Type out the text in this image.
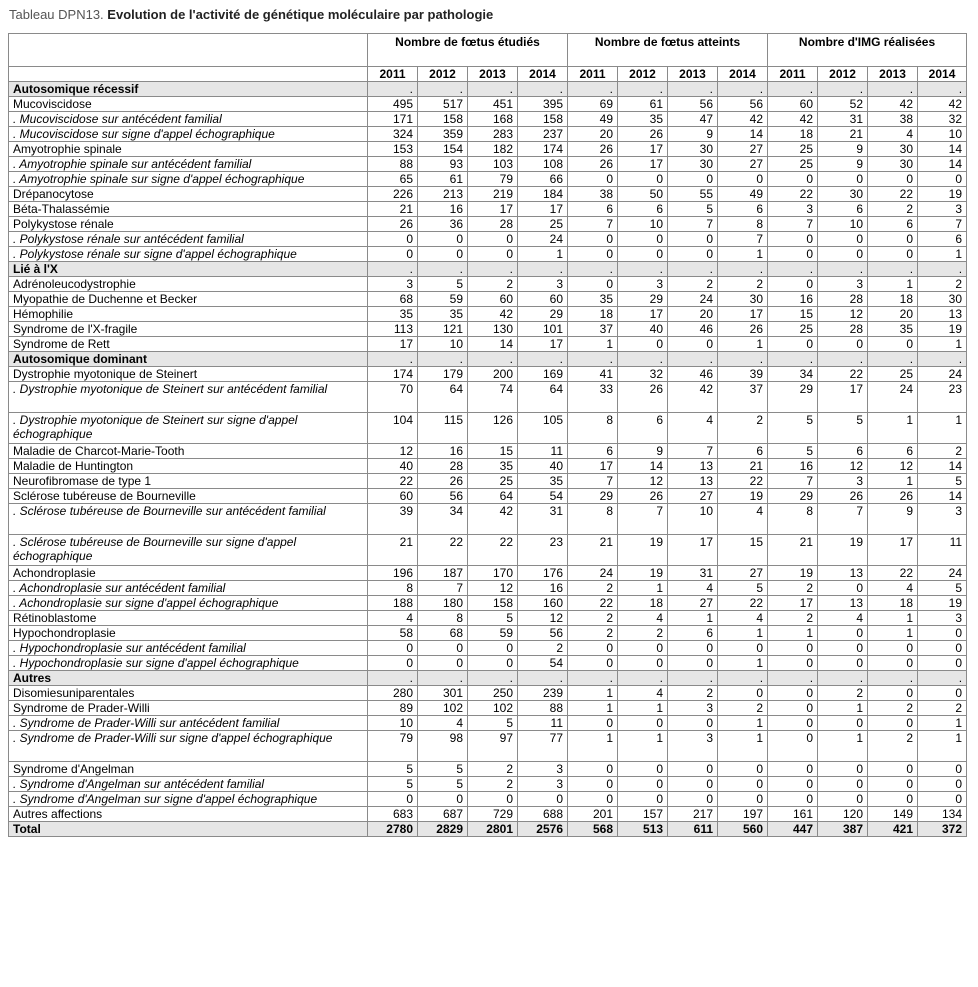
Tableau DPN13. Evolution de l'activité de génétique moléculaire par pathologie
	Nombre de fœtus étudiés				Nombre de fœtus atteints				Nombre d'IMG réalisées			
	2011	2012	2013	2014	2011	2012	2013	2014	2011	2012	2013	2014
Autosomique récessif	.	.	.	.	.	.	.	.	.	.	.	.
Mucoviscidose	495	517	451	395	69	61	56	56	60	52	42	42
. Mucoviscidose sur antécédent familial	171	158	168	158	49	35	47	42	42	31	38	32
. Mucoviscidose sur signe d'appel échographique	324	359	283	237	20	26	9	14	18	21	4	10
Amyotrophie spinale	153	154	182	174	26	17	30	27	25	9	30	14
. Amyotrophie spinale sur antécédent familial	88	93	103	108	26	17	30	27	25	9	30	14
. Amyotrophie spinale sur signe d'appel échographique	65	61	79	66	0	0	0	0	0	0	0	0
Drépanocytose	226	213	219	184	38	50	55	49	22	30	22	19
Béta-Thalassémie	21	16	17	17	6	6	5	6	3	6	2	3
Polykystose rénale	26	36	28	25	7	10	7	8	7	10	6	7
. Polykystose rénale sur antécédent familial	0	0	0	24	0	0	0	7	0	0	0	6
. Polykystose rénale sur signe d'appel échographique	0	0	0	1	0	0	0	1	0	0	0	1
Lié à l'X	.	.	.	.	.	.	.	.	.	.	.	.
Adrénoleucodystrophie	3	5	2	3	0	3	2	2	0	3	1	2
Myopathie de Duchenne et Becker	68	59	60	60	35	29	24	30	16	28	18	30
Hémophilie	35	35	42	29	18	17	20	17	15	12	20	13
Syndrome de l'X-fragile	113	121	130	101	37	40	46	26	25	28	35	19
Syndrome de Rett	17	10	14	17	1	0	0	1	0	0	0	1
Autosomique dominant	.	.	.	.	.	.	.	.	.	.	.	.
Dystrophie myotonique de Steinert	174	179	200	169	41	32	46	39	34	22	25	24
. Dystrophie myotonique de Steinert sur antécédent familial	70	64	74	64	33	26	42	37	29	17	24	23
. Dystrophie myotonique de Steinert sur signe d'appel échographique	104	115	126	105	8	6	4	2	5	5	1	1
Maladie de Charcot-Marie-Tooth	12	16	15	11	6	9	7	6	5	6	6	2
Maladie de Huntington	40	28	35	40	17	14	13	21	16	12	12	14
Neurofibromase de type 1	22	26	25	35	7	12	13	22	7	3	1	5
Sclérose tubéreuse de Bourneville	60	56	64	54	29	26	27	19	29	26	26	14
. Sclérose tubéreuse de Bourneville sur antécédent familial	39	34	42	31	8	7	10	4	8	7	9	3
. Sclérose tubéreuse de Bourneville sur signe d'appel échographique	21	22	22	23	21	19	17	15	21	19	17	11
Achondroplasie	196	187	170	176	24	19	31	27	19	13	22	24
. Achondroplasie sur antécédent familial	8	7	12	16	2	1	4	5	2	0	4	5
. Achondroplasie sur signe d'appel échographique	188	180	158	160	22	18	27	22	17	13	18	19
Rétinoblastome	4	8	5	12	2	4	1	4	2	4	1	3
Hypochondroplasie	58	68	59	56	2	2	6	1	1	0	1	0
. Hypochondroplasie sur antécédent familial	0	0	0	2	0	0	0	0	0	0	0	0
. Hypochondroplasie sur signe d'appel échographique	0	0	0	54	0	0	0	1	0	0	0	0
Autres	.	.	.	.	.	.	.	.	.	.	.	.
Disomiesuniparentales	280	301	250	239	1	4	2	0	0	2	0	0
Syndrome de Prader-Willi	89	102	102	88	1	1	3	2	0	1	2	2
. Syndrome de Prader-Willi sur antécédent familial	10	4	5	11	0	0	0	1	0	0	0	1
. Syndrome de Prader-Willi sur signe d'appel échographique	79	98	97	77	1	1	3	1	0	1	2	1
Syndrome d'Angelman	5	5	2	3	0	0	0	0	0	0	0	0
. Syndrome d'Angelman sur antécédent familial	5	5	2	3	0	0	0	0	0	0	0	0
. Syndrome d'Angelman sur signe d'appel échographique	0	0	0	0	0	0	0	0	0	0	0	0
Autres affections	683	687	729	688	201	157	217	197	161	120	149	134
Total	2780	2829	2801	2576	568	513	611	560	447	387	421	372
